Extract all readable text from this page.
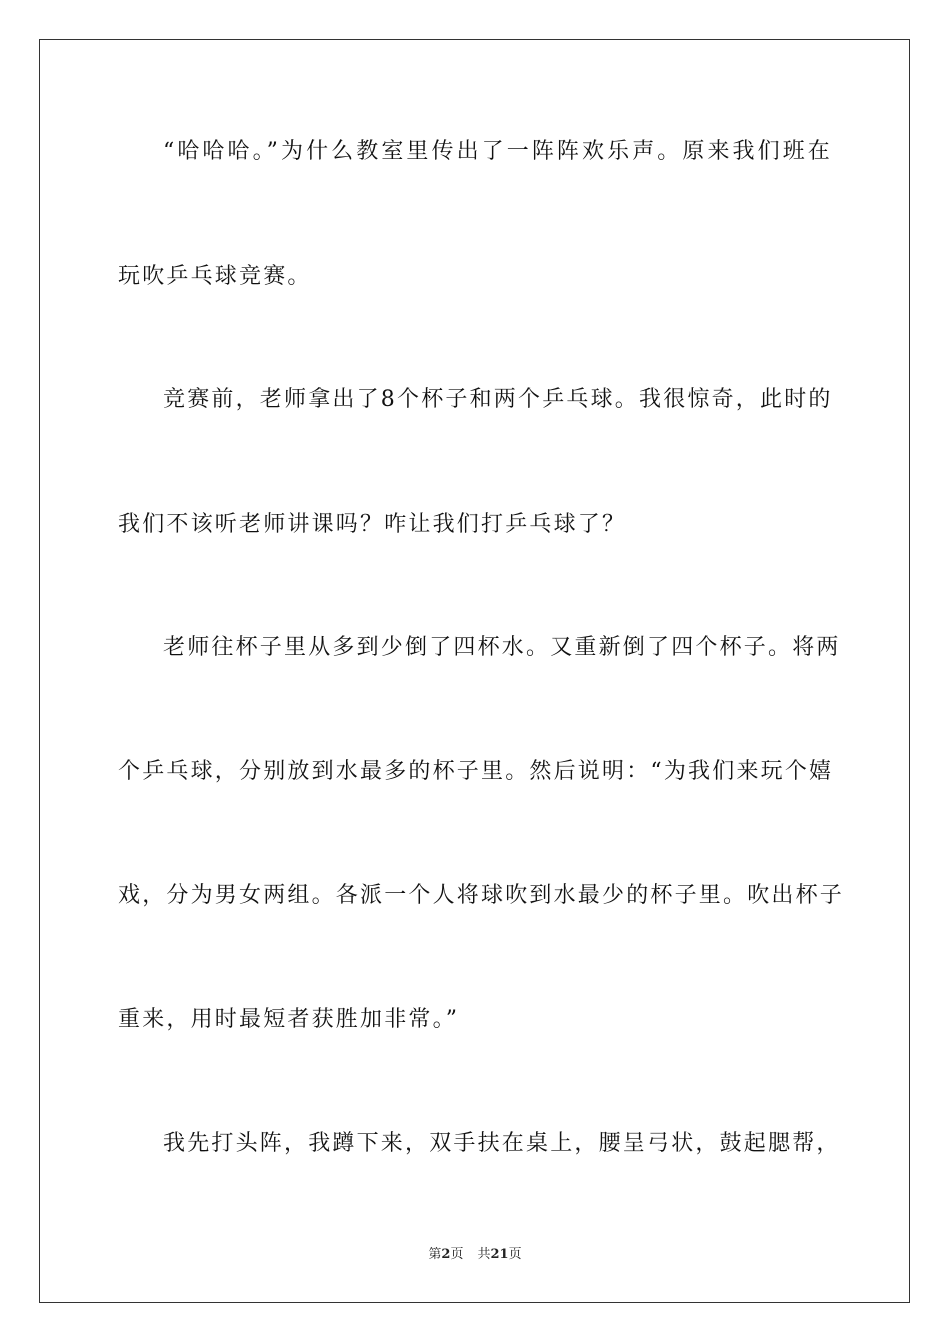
“哈哈哈。”为什么教室里传出了一阵阵欢乐声。原来我们班在
玩吹乒乓球竞赛。
竞赛前，老师拿出了8个杯子和两个乒乓球。我很惊奇，此时的
我们不该听老师讲课吗？咋让我们打乒乓球了？
老师往杯子里从多到少倒了四杯水。又重新倒了四个杯子。将两
个乒乓球，分别放到水最多的杯子里。然后说明：“为我们来玩个嬉
戏，分为男女两组。各派一个人将球吹到水最少的杯子里。吹出杯子
重来，用时最短者获胜加非常。”
我先打头阵，我蹲下来，双手扶在桌上，腰呈弓状，鼓起腮帮，
第2页 共21页
